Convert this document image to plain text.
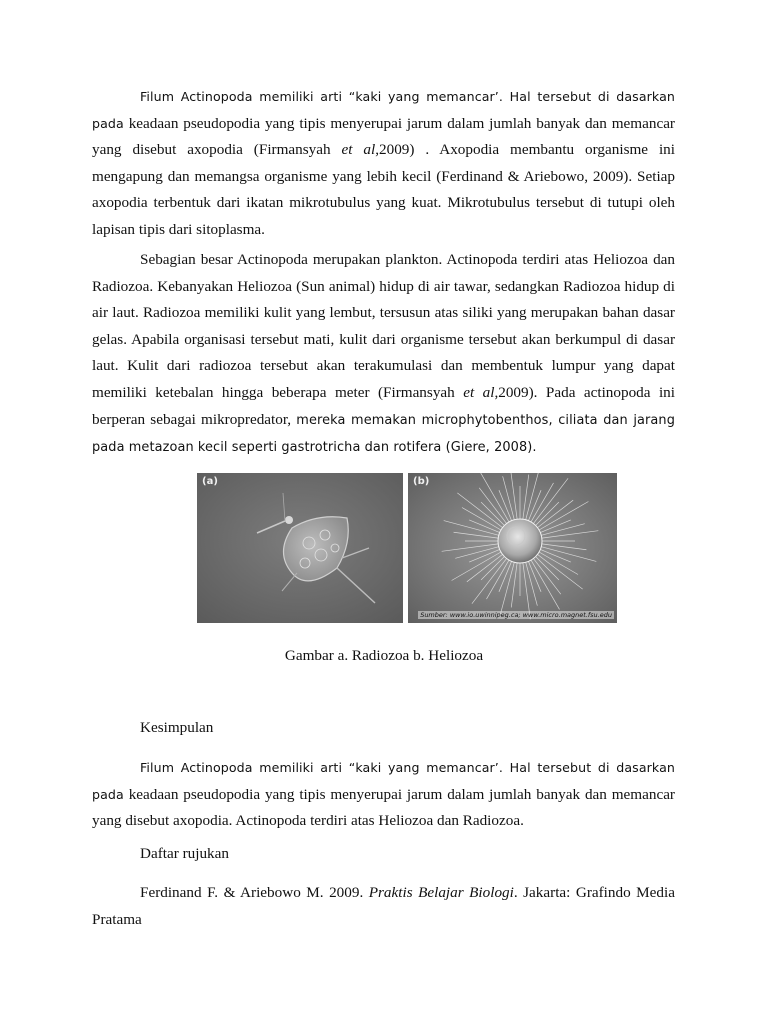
Filum Actinopoda memiliki arti “kaki yang memancar’. Hal tersebut di dasarkan pada keadaan pseudopodia yang tipis menyerupai jarum dalam jumlah banyak dan memancar yang disebut axopodia (Firmansyah et al,2009) . Axopodia membantu organisme ini mengapung dan memangsa organisme yang lebih kecil (Ferdinand & Ariebowo, 2009). Setiap axopodia terbentuk dari ikatan mikrotubulus yang kuat. Mikrotubulus tersebut di tutupi oleh lapisan tipis dari sitoplasma.

Sebagian besar Actinopoda merupakan plankton. Actinopoda terdiri atas Heliozoa dan Radiozoa. Kebanyakan Heliozoa (Sun animal) hidup di air tawar, sedangkan Radiozoa hidup di air laut. Radiozoa memiliki kulit yang lembut, tersusun atas siliki yang merupakan bahan dasar gelas. Apabila organisasi tersebut mati, kulit dari organisme tersebut akan berkumpul di dasar laut. Kulit dari radiozoa tersebut akan terakumulasi dan membentuk lumpur yang dapat memiliki ketebalan hingga beberapa meter (Firmansyah et al,2009). Pada actinopoda ini berperan sebagai mikropredator, mereka memakan microphytobenthos, ciliata dan jarang pada metazoan kecil seperti gastrotricha dan rotifera (Giere, 2008).

(a)	(b)
Sumber: www.io.uwinnipeg.ca; www.micro.magnet.fsu.edu
Gambar a. Radiozoa b. Heliozoa
Kesimpulan

Filum Actinopoda memiliki arti “kaki yang memancar’. Hal tersebut di dasarkan pada keadaan pseudopodia yang tipis menyerupai jarum dalam jumlah banyak dan memancar yang disebut axopodia. Actinopoda terdiri atas Heliozoa dan Radiozoa.

Daftar rujukan

Ferdinand F. & Ariebowo M. 2009. Praktis Belajar Biologi. Jakarta: Grafindo Media Pratama
